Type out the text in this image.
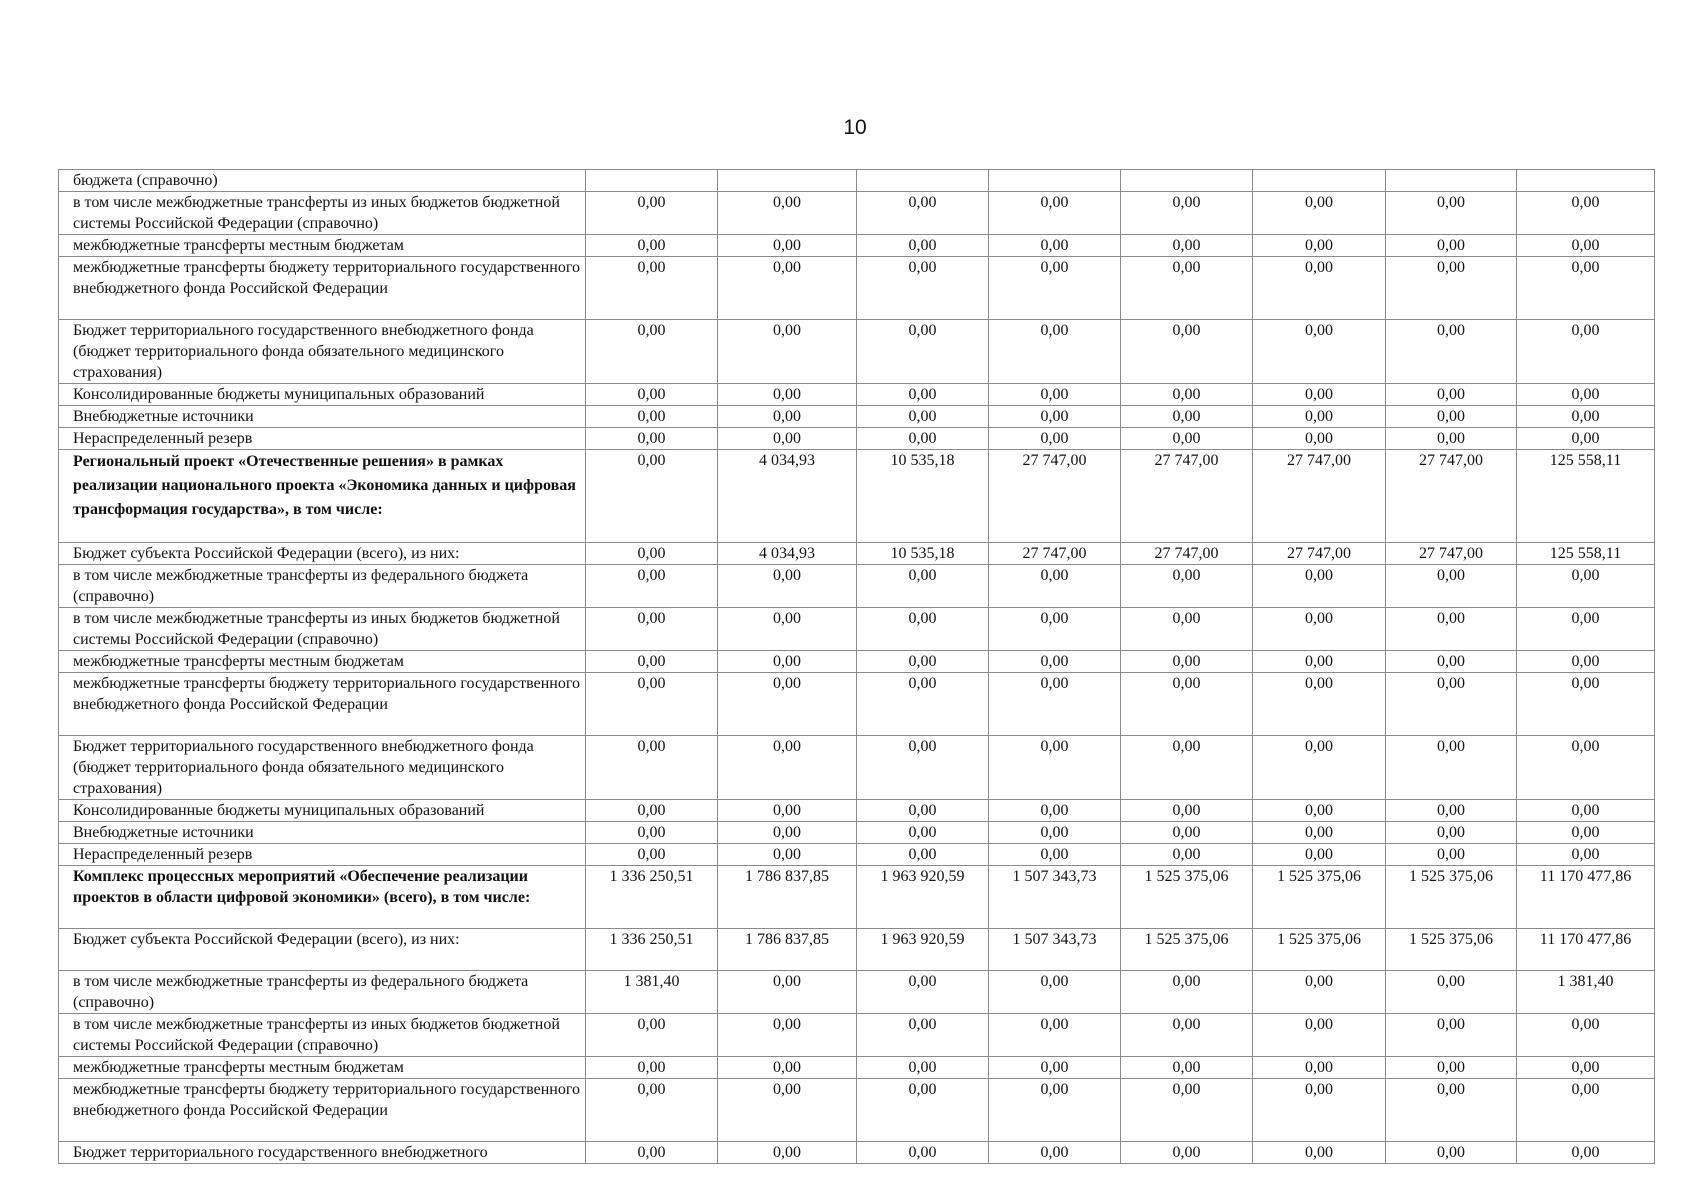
10
бюджета (справочно)								
в том числе межбюджетные трансферты из иных бюджетов бюджетной системы Российской Федерации (справочно)	0,00	0,00	0,00	0,00	0,00	0,00	0,00	0,00
межбюджетные трансферты местным бюджетам	0,00	0,00	0,00	0,00	0,00	0,00	0,00	0,00
межбюджетные трансферты бюджету территориального государственного внебюджетного фонда Российской Федерации	0,00	0,00	0,00	0,00	0,00	0,00	0,00	0,00
Бюджет территориального государственного внебюджетного фонда (бюджет территориального фонда обязательного медицинского страхования)	0,00	0,00	0,00	0,00	0,00	0,00	0,00	0,00
Консолидированные бюджеты муниципальных образований	0,00	0,00	0,00	0,00	0,00	0,00	0,00	0,00
Внебюджетные источники	0,00	0,00	0,00	0,00	0,00	0,00	0,00	0,00
Нераспределенный резерв	0,00	0,00	0,00	0,00	0,00	0,00	0,00	0,00
Региональный проект «Отечественные решения» в рамках реализации национального проекта «Экономика данных и цифровая трансформация государства», в том числе:	0,00	4 034,93	10 535,18	27 747,00	27 747,00	27 747,00	27 747,00	125 558,11
Бюджет субъекта Российской Федерации (всего), из них:	0,00	4 034,93	10 535,18	27 747,00	27 747,00	27 747,00	27 747,00	125 558,11
в том числе межбюджетные трансферты из федерального бюджета (справочно)	0,00	0,00	0,00	0,00	0,00	0,00	0,00	0,00
в том числе межбюджетные трансферты из иных бюджетов бюджетной системы Российской Федерации (справочно)	0,00	0,00	0,00	0,00	0,00	0,00	0,00	0,00
межбюджетные трансферты местным бюджетам	0,00	0,00	0,00	0,00	0,00	0,00	0,00	0,00
межбюджетные трансферты бюджету территориального государственного внебюджетного фонда Российской Федерации	0,00	0,00	0,00	0,00	0,00	0,00	0,00	0,00
Бюджет территориального государственного внебюджетного фонда (бюджет территориального фонда обязательного медицинского страхования)	0,00	0,00	0,00	0,00	0,00	0,00	0,00	0,00
Консолидированные бюджеты муниципальных образований	0,00	0,00	0,00	0,00	0,00	0,00	0,00	0,00
Внебюджетные источники	0,00	0,00	0,00	0,00	0,00	0,00	0,00	0,00
Нераспределенный резерв	0,00	0,00	0,00	0,00	0,00	0,00	0,00	0,00
Комплекс процессных мероприятий «Обеспечение реализации проектов в области цифровой экономики» (всего), в том числе:	1 336 250,51	1 786 837,85	1 963 920,59	1 507 343,73	1 525 375,06	1 525 375,06	1 525 375,06	11 170 477,86
Бюджет субъекта Российской Федерации (всего), из них:	1 336 250,51	1 786 837,85	1 963 920,59	1 507 343,73	1 525 375,06	1 525 375,06	1 525 375,06	11 170 477,86
в том числе межбюджетные трансферты из федерального бюджета (справочно)	1 381,40	0,00	0,00	0,00	0,00	0,00	0,00	1 381,40
в том числе межбюджетные трансферты из иных бюджетов бюджетной системы Российской Федерации (справочно)	0,00	0,00	0,00	0,00	0,00	0,00	0,00	0,00
межбюджетные трансферты местным бюджетам	0,00	0,00	0,00	0,00	0,00	0,00	0,00	0,00
межбюджетные трансферты бюджету территориального государственного внебюджетного фонда Российской Федерации	0,00	0,00	0,00	0,00	0,00	0,00	0,00	0,00
Бюджет территориального государственного внебюджетного	0,00	0,00	0,00	0,00	0,00	0,00	0,00	0,00
